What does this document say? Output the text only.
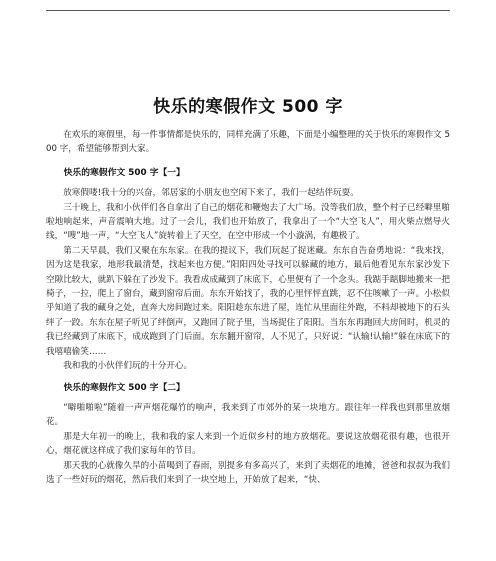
快乐的寒假作文 500 字

在欢乐的寒假里，每一件事情都是快乐的，同样充满了乐趣，下面是小编整理的关于快乐的寒假作文 500 字，希望能够帮到大家。

快乐的寒假作文 500 字【一】

放寒假喽!我十分的兴奋，邻居家的小朋友也空闲下来了，我们一起结伴玩耍。

三十晚上，我和小伙伴们各自拿出了自己的烟花和鞭炮去了大广场。没等我们放，整个村子已经噼里啪啦地响起来，声音震响大地。过了一会儿，我们也开始放了，我拿出了一个“大空飞人”，用火柴点燃导火线，“嗖”地一声，“大空飞人”旋转着上了天空，在空中形成一个小漩涡，有趣极了。

第二天早晨，我们又聚在东东家。在我的提议下，我们玩起了捉迷藏。东东自告奋勇地说：“我来找，因为这是我家，地形我最清楚，找起来也方便。”阳阳四处寻找可以躲藏的地方，最后他看见东东家沙发下空隙比较大，就趴下躲在了沙发下。我看成成藏到了床底下，心里便有了一个念头。我踮手踮脚地搬来一把椅子，一拉，爬上了窗台，藏到窗帘后面。东东开始找了，我的心里怦怦直跳，忍不住咳嗽了一声。小松似乎知道了我的藏身之处，直奔大房间跑过来。阳阳趁东东进了屋，连忙从里面往外跑，不料却被地下的石头绊了一跤。东东在屋子听见了绊倒声，又跑回了院子里，当场捉住了阳阳。当东东再跑回大房间时，机灵的我已经藏到了床底下，成成跑到了门后面。东东翻开窗帘，人不见了，只好说：“认输!认输!”躲在床底下的我嘻嘻偷笑……

我和我的小伙伴们玩的十分开心。

快乐的寒假作文 500 字【二】

“噼啪啪啦”随着一声声烟花爆竹的响声，我来到了市郊外的某一块地方。跟往年一样我也到那里放烟花。

那是大年初一的晚上，我和我的家人来到一个近似乡村的地方放烟花。要说这放烟花很有趣，也很开心，烟花就这样成了我们家每年的节目。

那天我的心就像久旱的小苗喝到了春雨，别提多有多高兴了，来到了卖烟花的地摊，爸爸和叔叔为我们选了一些好玩的烟花，然后我们来到了一块空地上，开始放了起来，“快、
